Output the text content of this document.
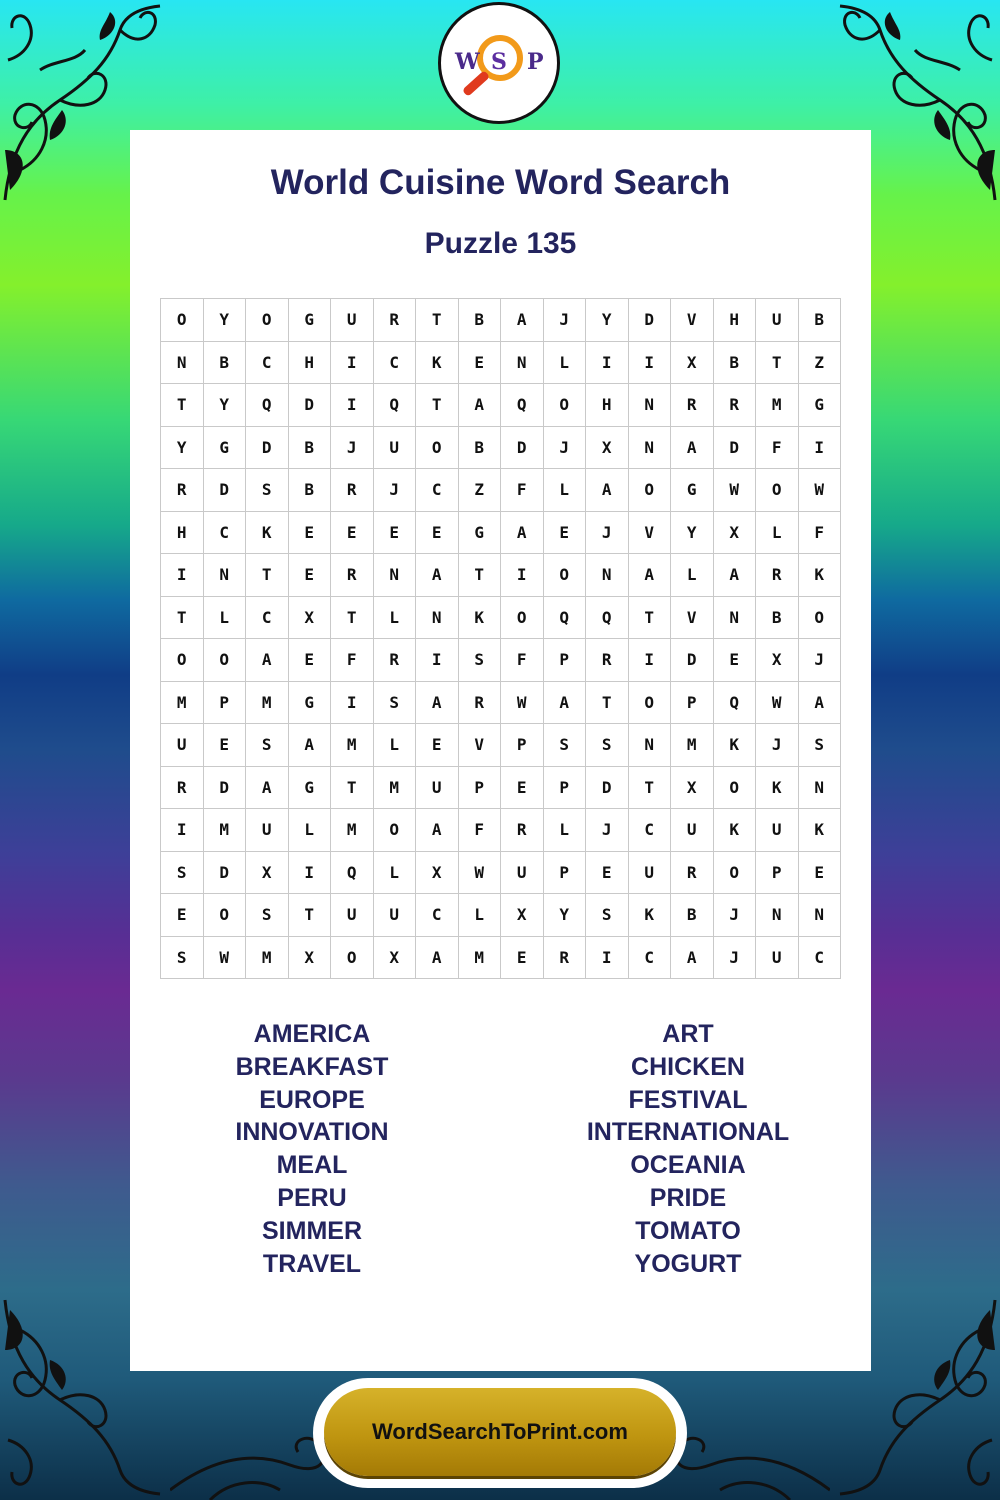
W S P
World Cuisine Word Search
Puzzle 135
O	Y	O	G	U	R	T	B	A	J	Y	D	V	H	U	B
N	B	C	H	I	C	K	E	N	L	I	I	X	B	T	Z
T	Y	Q	D	I	Q	T	A	Q	O	H	N	R	R	M	G
Y	G	D	B	J	U	O	B	D	J	X	N	A	D	F	I
R	D	S	B	R	J	C	Z	F	L	A	O	G	W	O	W
H	C	K	E	E	E	E	G	A	E	J	V	Y	X	L	F
I	N	T	E	R	N	A	T	I	O	N	A	L	A	R	K
T	L	C	X	T	L	N	K	O	Q	Q	T	V	N	B	O
O	O	A	E	F	R	I	S	F	P	R	I	D	E	X	J
M	P	M	G	I	S	A	R	W	A	T	O	P	Q	W	A
U	E	S	A	M	L	E	V	P	S	S	N	M	K	J	S
R	D	A	G	T	M	U	P	E	P	D	T	X	O	K	N
I	M	U	L	M	O	A	F	R	L	J	C	U	K	U	K
S	D	X	I	Q	L	X	W	U	P	E	U	R	O	P	E
E	O	S	T	U	U	C	L	X	Y	S	K	B	J	N	N
S	W	M	X	O	X	A	M	E	R	I	C	A	J	U	C
AMERICA
BREAKFAST
EUROPE
INNOVATION
MEAL
PERU
SIMMER
TRAVEL
ART
CHICKEN
FESTIVAL
INTERNATIONAL
OCEANIA
PRIDE
TOMATO
YOGURT
WordSearchToPrint.com
